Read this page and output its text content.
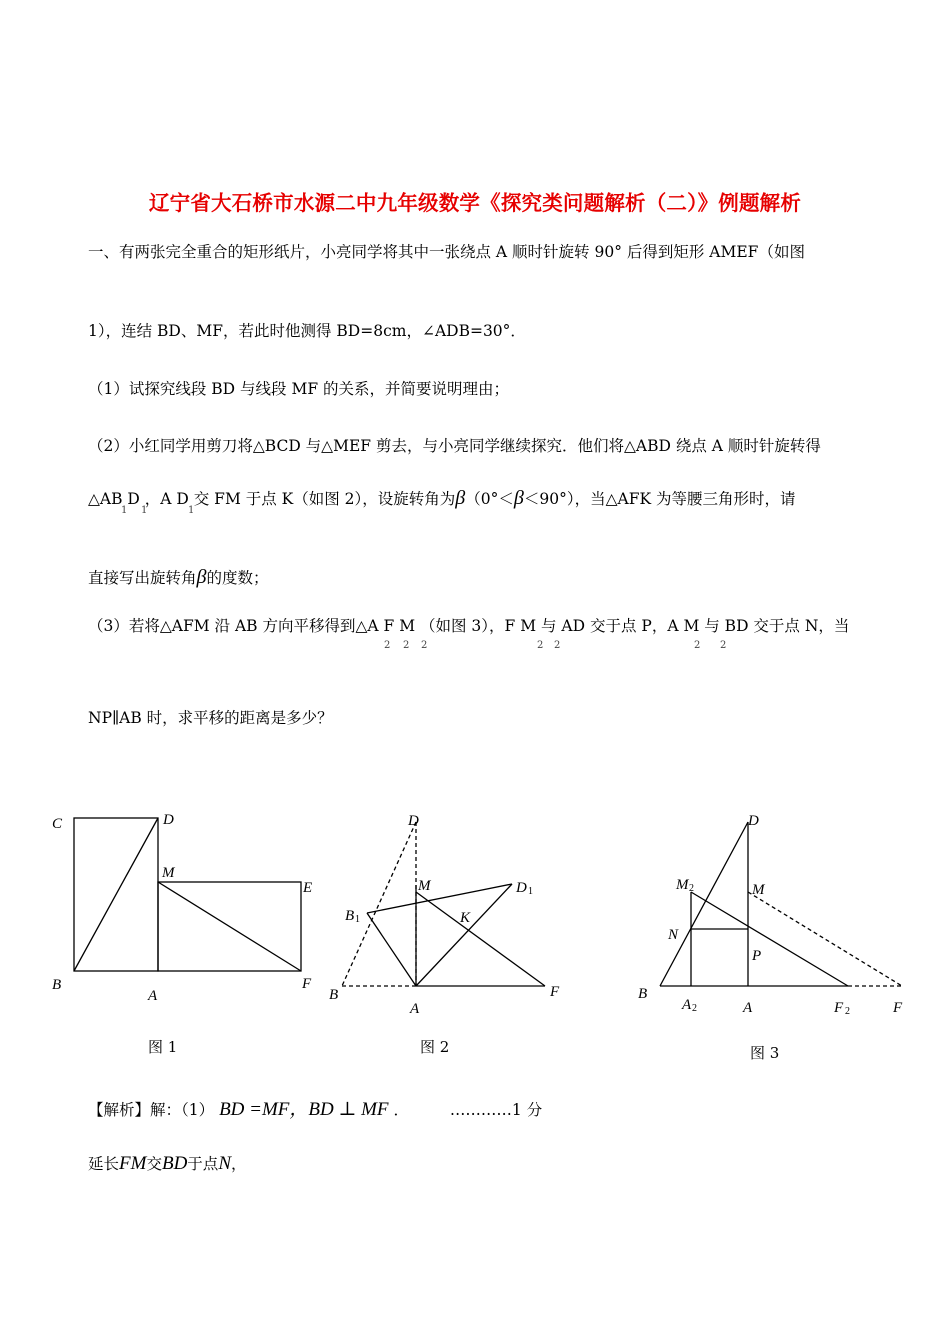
辽宁省大石桥市水源二中九年级数学《探究类问题解析（二）》例题解析
一、有两张完全重合的矩形纸片，小亮同学将其中一张绕点 A 顺时针旋转 90° 后得到矩形 AMEF（如图
1），连结 BD、MF，若此时他测得 BD=8cm，∠ADB=30°．
（1）试探究线段 BD 与线段 MF 的关系，并简要说明理由；
（2）小红同学用剪刀将△BCD 与△MEF 剪去，与小亮同学继续探究．他们将△ABD 绕点 A 顺时针旋转得
△AB D ，A D 交 FM 于点 K（如图 2），设旋转角为β（0°＜β＜90°），当△AFK 为等腰三角形时，请
1 1	1
直接写出旋转角β的度数；
（3）若将△AFM 沿 AB 方向平移得到△A F M （如图 3），F M 与 AD 交于点 P，A M 与 BD 交于点 N，当
2 2 2	2 2	2 2
NP∥AB 时，求平移的距离是多少？
C	D
M
E
B
A
F
D
M	D 1
B 1	K
B
A
F
D
M 2	M
N
P
B
A 2	A	F 2	F
图 1	图 2	图 3
【解析】解：（1） BD =MF，BD ⊥ MF ．	…………1 分
延长FM交BD于点N，
